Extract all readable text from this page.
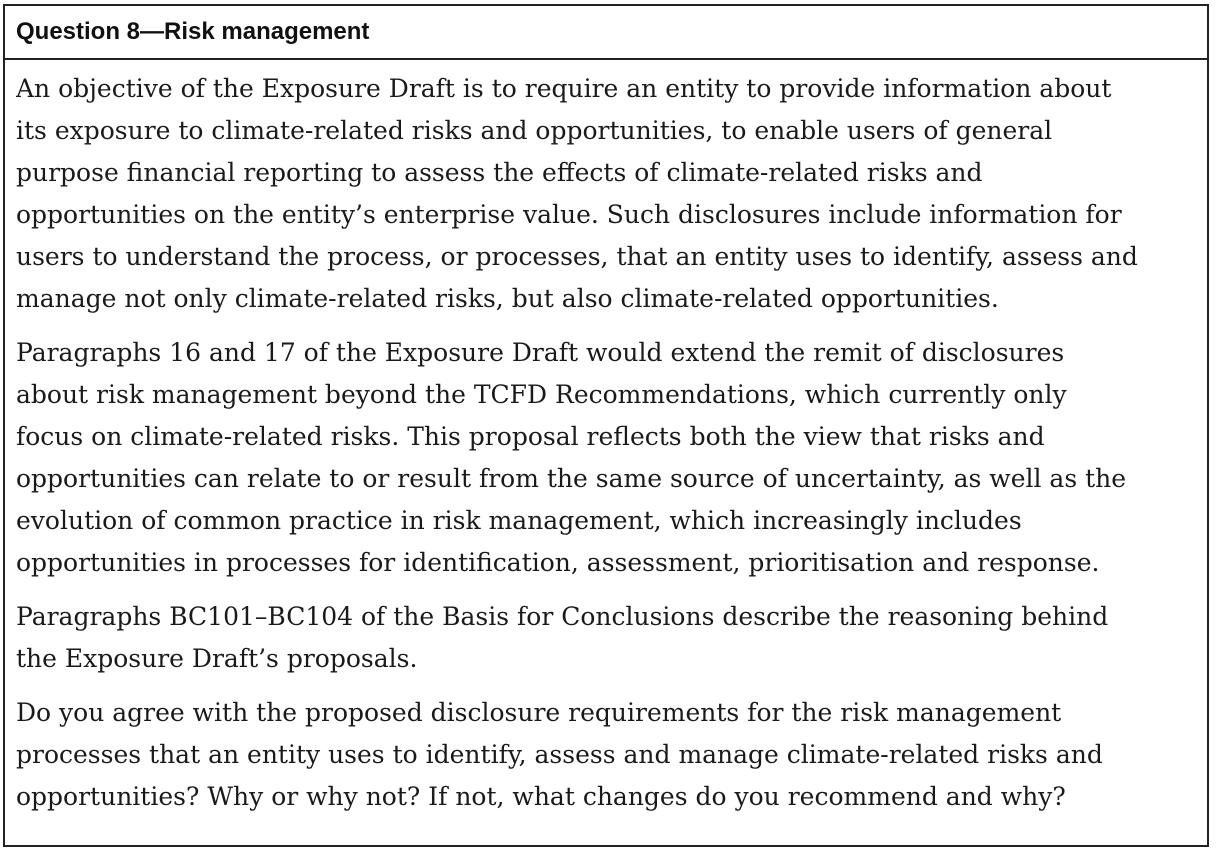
Question 8—Risk management
An objective of the Exposure Draft is to require an entity to provide information about
its exposure to climate-related risks and opportunities, to enable users of general
purpose financial reporting to assess the effects of climate-related risks and
opportunities on the entity’s enterprise value. Such disclosures include information for
users to understand the process, or processes, that an entity uses to identify, assess and
manage not only climate-related risks, but also climate-related opportunities.
Paragraphs 16 and 17 of the Exposure Draft would extend the remit of disclosures
about risk management beyond the TCFD Recommendations, which currently only
focus on climate-related risks. This proposal reflects both the view that risks and
opportunities can relate to or result from the same source of uncertainty, as well as the
evolution of common practice in risk management, which increasingly includes
opportunities in processes for identification, assessment, prioritisation and response.
Paragraphs BC101–BC104 of the Basis for Conclusions describe the reasoning behind
the Exposure Draft’s proposals.
Do you agree with the proposed disclosure requirements for the risk management
processes that an entity uses to identify, assess and manage climate-related risks and
opportunities? Why or why not? If not, what changes do you recommend and why?
